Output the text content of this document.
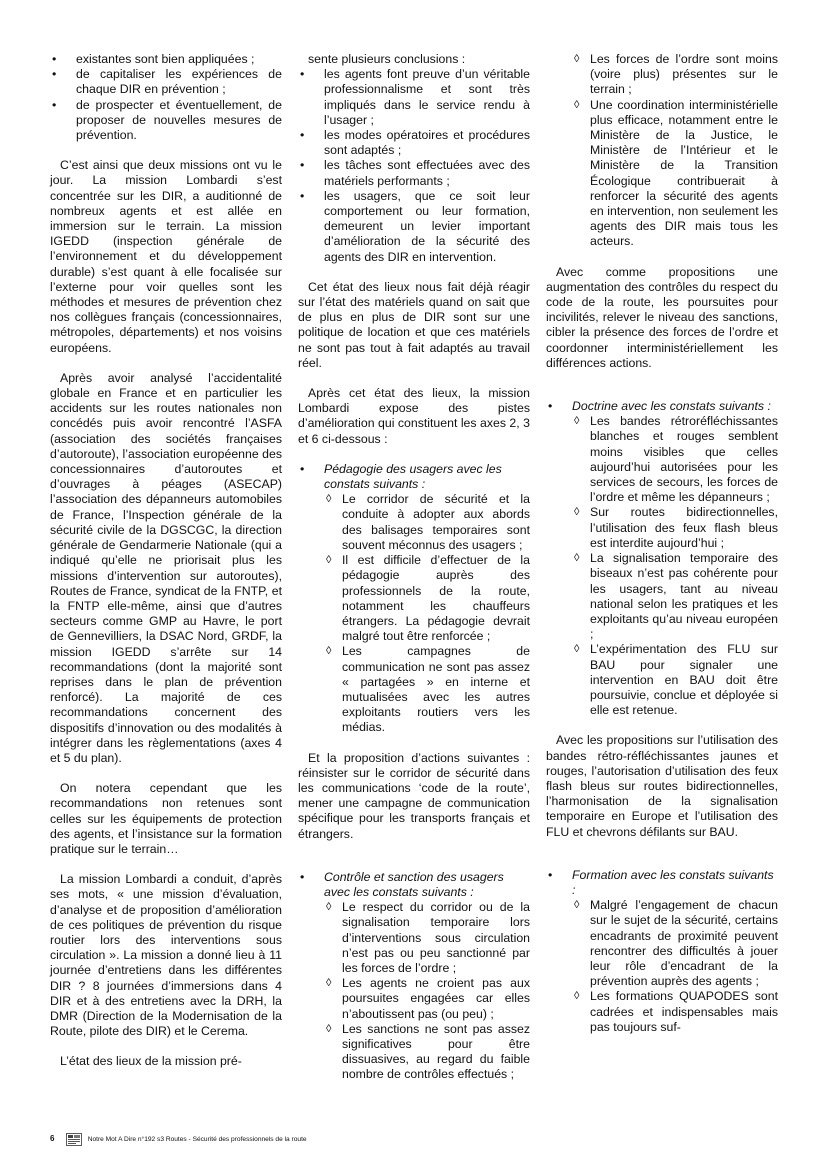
• existantes sont bien appliquées ;
• de capitaliser les expériences de chaque DIR en prévention ;
• de prospecter et éventuellement, de proposer de nouvelles mesures de prévention.

C’est ainsi que deux missions ont vu le jour. La mission Lombardi s’est concentrée sur les DIR, a auditionné de nombreux agents et est allée en immersion sur le terrain. La mission IGEDD (inspection générale de l’environnement et du développement durable) s’est quant à elle focalisée sur l’externe pour voir quelles sont les méthodes et mesures de prévention chez nos collègues français (concessionnaires, métropoles, départements) et nos voisins européens.

Après avoir analysé l’accidentalité globale en France et en particulier les accidents sur les routes nationales non concédés puis avoir rencontré l’ASFA (association des sociétés françaises d’autoroute), l’association européenne des concessionnaires d’autoroutes et d’ouvrages à péages (ASECAP) l’association des dépanneurs automobiles de France, l’Inspection générale de la sécurité civile de la DGSCGC, la direction générale de Gendarmerie Nationale (qui a indiqué qu’elle ne priorisait plus les missions d’intervention sur autoroutes), Routes de France, syndicat de la FNTP, et la FNTP elle-même, ainsi que d’autres secteurs comme GMP au Havre, le port de Gennevilliers, la DSAC Nord, GRDF, la mission IGEDD s’arrête sur 14 recommandations (dont la majorité sont reprises dans le plan de prévention renforcé). La majorité de ces recommandations concernent des dispositifs d’innovation ou des modalités à intégrer dans les règlementations (axes 4 et 5 du plan).

On notera cependant que les recommandations non retenues sont celles sur les équipements de protection des agents, et l’insistance sur la formation pratique sur le terrain…

La mission Lombardi a conduit, d’après ses mots, « une mission d’évaluation, d’analyse et de proposition d’amélioration de ces politiques de prévention du risque routier lors des interventions sous circulation ». La mission a donné lieu à 11 journée d’entretiens dans les différentes DIR ? 8 journées d’immersions dans 4 DIR et à des entretiens avec la DRH, la DMR (Direction de la Modernisation de la Route, pilote des DIR) et le Cerema.

L’état des lieux de la mission pré-

sente plusieurs conclusions :

• les agents font preuve d’un véritable professionnalisme et sont très impliqués dans le service rendu à l’usager ;
• les modes opératoires et procédures sont adaptés ;
• les tâches sont effectuées avec des matériels performants ;
• les usagers, que ce soit leur comportement ou leur formation, demeurent un levier important d’amélioration de la sécurité des agents des DIR en intervention.

Cet état des lieux nous fait déjà réagir sur l’état des matériels quand on sait que de plus en plus de DIR sont sur une politique de location et que ces matériels ne sont pas tout à fait adaptés au travail réel.

Après cet état des lieux, la mission Lombardi expose des pistes d’amélioration qui constituent les axes 2, 3 et 6 ci-dessous :

• Pédagogie des usagers avec les constats suivants :
◊ Le corridor de sécurité et la conduite à adopter aux abords des balisages temporaires sont souvent méconnus des usagers ;
◊ Il est difficile d’effectuer de la pédagogie auprès des professionnels de la route, notamment les chauffeurs étrangers. La pédagogie devrait malgré tout être renforcée ;
◊ Les campagnes de communication ne sont pas assez « partagées » en interne et mutualisées avec les autres exploitants routiers vers les médias.

Et la proposition d’actions suivantes : réinsister sur le corridor de sécurité dans les communications ‘code de la route’, mener une campagne de communication spécifique pour les transports français et étrangers.

• Contrôle et sanction des usagers avec les constats suivants :
◊ Le respect du corridor ou de la signalisation temporaire lors d’interventions sous circulation n’est pas ou peu sanctionné par les forces de l’ordre ;
◊ Les agents ne croient pas aux poursuites engagées car elles n’aboutissent pas (ou peu) ;
◊ Les sanctions ne sont pas assez significatives pour être dissuasives, au regard du faible nombre de contrôles effectués ;
◊ Les forces de l’ordre sont moins (voire plus) présentes sur le terrain ;
◊ Une coordination interministérielle plus efficace, notamment entre le Ministère de la Justice, le Ministère de l’Intérieur et le Ministère de la Transition Écologique contribuerait à renforcer la sécurité des agents en intervention, non seulement les agents des DIR mais tous les acteurs.

Avec comme propositions une augmentation des contrôles du respect du code de la route, les poursuites pour incivilités, relever le niveau des sanctions, cibler la présence des forces de l’ordre et coordonner interministériellement les différences actions.

• Doctrine avec les constats suivants :
◊ Les bandes rétroréfléchissantes blanches et rouges semblent moins visibles que celles aujourd’hui autorisées pour les services de secours, les forces de l’ordre et même les dépanneurs ;
◊ Sur routes bidirectionnelles, l’utilisation des feux flash bleus est interdite aujourd’hui ;
◊ La signalisation temporaire des biseaux n’est pas cohérente pour les usagers, tant au niveau national selon les pratiques et les exploitants qu’au niveau européen ;
◊ L’expérimentation des FLU sur BAU pour signaler une intervention en BAU doit être poursuivie, conclue et déployée si elle est retenue.

Avec les propositions sur l’utilisation des bandes rétro-réfléchissantes jaunes et rouges, l’autorisation d’utilisation des feux flash bleus sur routes bidirectionnelles, l’harmonisation de la signalisation temporaire en Europe et l’utilisation des FLU et chevrons défilants sur BAU.

• Formation avec les constats suivants :
◊ Malgré l’engagement de chacun sur le sujet de la sécurité, certains encadrants de proximité peuvent rencontrer des difficultés à jouer leur rôle d’encadrant de la prévention auprès des agents ;
◊ Les formations QUAPODES sont cadrées et indispensables mais pas toujours suf-
6	Notre Mot A Dire n°192 s3 Routes - Sécurité des professionnels de la route
